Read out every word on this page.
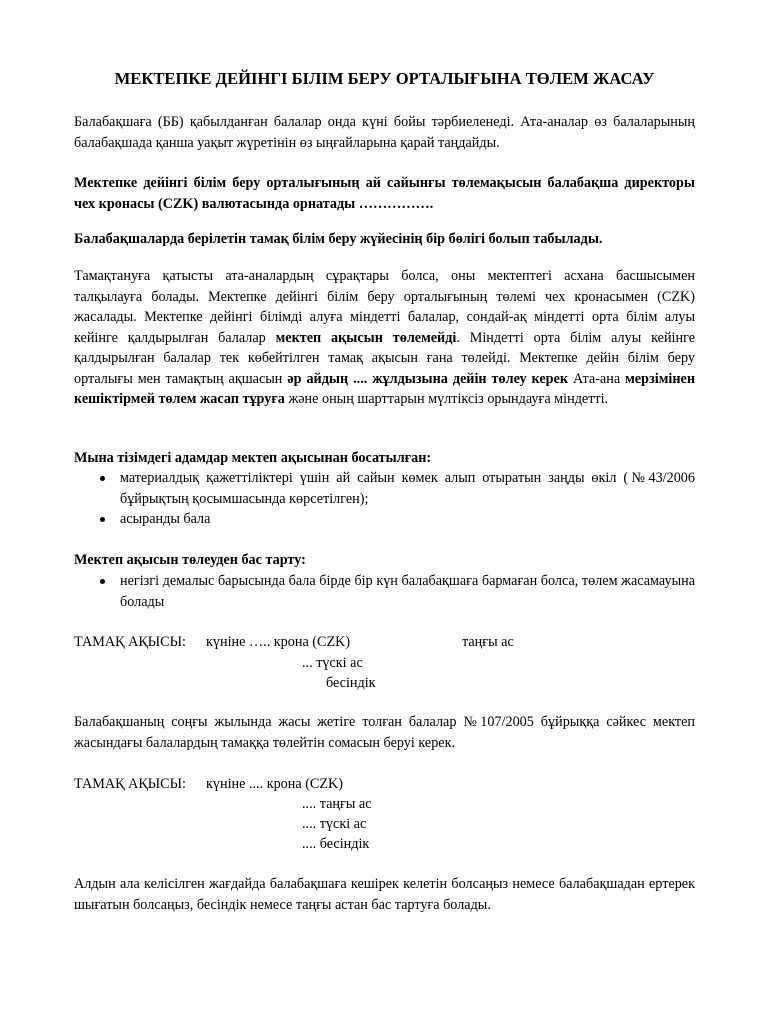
МЕКТЕПКЕ ДЕЙІНГІ БІЛІМ БЕРУ ОРТАЛЫҒЫНА ТӨЛЕМ ЖАСАУ

Балабақшаға (ББ) қабылданған балалар онда күні бойы тәрбиеленеді. Ата-аналар өз балаларының балабақшада қанша уақыт жүретінін өз ыңғайларына қарай таңдайды.

Мектепке дейінгі білім беру орталығының ай сайынғы төлемақысын балабақша директоры чех кронасы (CZK) валютасында орнатады …………….

Балабақшаларда берілетін тамақ білім беру жүйесінің бір бөлігі болып табылады.

Тамақтануға қатысты ата-аналардың сұрақтары болса, оны мектептегі асхана басшысымен талқылауға болады. Мектепке дейінгі білім беру орталығының төлемі чех кронасымен (CZK) жасалады. Мектепке дейінгі білімді алуға міндетті балалар, сондай-ақ міндетті орта білім алуы кейінге қалдырылған балалар мектеп ақысын төлемейді. Міндетті орта білім алуы кейінге қалдырылған балалар тек көбейтілген тамақ ақысын ғана төлейді. Мектепке дейін білім беру орталығы мен тамақтың ақшасын әр айдың .... жұлдызына дейін төлеу керек Ата-ана мерзімінен кешіктірмей төлем жасап тұруға және оның шарттарын мүлтіксіз орындауға міндетті.

Мына тізімдегі адамдар мектеп ақысынан босатылған:

материалдық қажеттіліктері үшін ай сайын көмек алып отыратын заңды өкіл (№43/2006 бұйрықтың қосымшасында көрсетілген);
асыранды бала

Мектеп ақысын төлеуден бас тарту:

негізгі демалыс барысында бала бірде бір күн балабақшаға бармаған болса, төлем жасамауына болады
ТАМАҚ АҚЫСЫ: күніне ….. крона (CZK)	таңғы ас
... түскі ас
бесіндік

Балабақшаның соңғы жылында жасы жетіге толған балалар №107/2005 бұйрыққа сәйкес мектеп жасындағы балалардың тамаққа төлейтін сомасын беруі керек.

ТАМАҚ АҚЫСЫ: күніне .... крона (CZK)
.... таңғы ас
.... түскі ас
.... бесіндік

Алдын ала келісілген жағдайда балабақшаға кешірек келетін болсаңыз немесе балабақшадан ертерек шығатын болсаңыз, бесіндік немесе таңғы астан бас тартуға болады.
